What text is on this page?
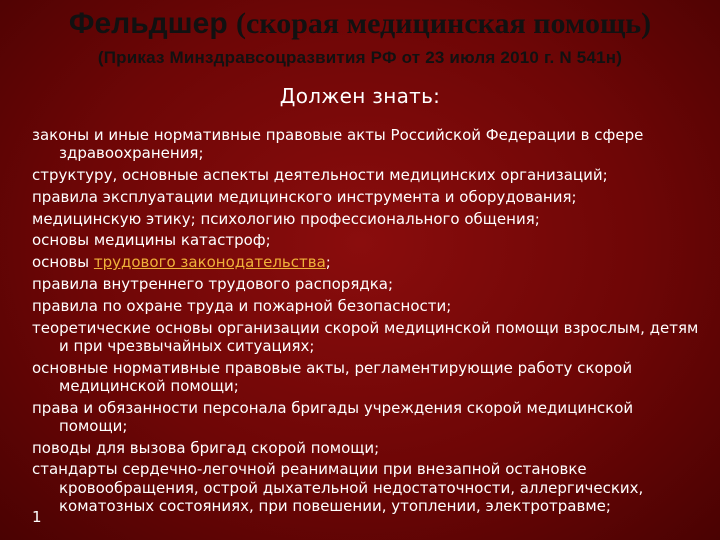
Фельдшер (скорая медицинская помощь)
(Приказ Минздравсоцразвития РФ от 23 июля 2010 г. N 541н)
Должен знать:
законы и иные нормативные правовые акты Российской Федерации в сфере здравоохранения;
структуру, основные аспекты деятельности медицинских организаций;
правила эксплуатации медицинского инструмента и оборудования;
медицинскую этику; психологию профессионального общения;
основы медицины катастроф;
основы трудового законодательства;
правила внутреннего трудового распорядка;
правила по охране труда и пожарной безопасности;
теоретические основы организации скорой медицинской помощи взрослым, детям и при чрезвычайных ситуациях;
основные нормативные правовые акты, регламентирующие работу скорой медицинской помощи;
права и обязанности персонала бригады учреждения скорой медицинской помощи;
поводы для вызова бригад скорой помощи;
стандарты сердечно-легочной реанимации при внезапной остановке кровообращения, острой дыхательной недостаточности, аллергических, коматозных состояниях, при повешении, утоплении, электротравме;
1
